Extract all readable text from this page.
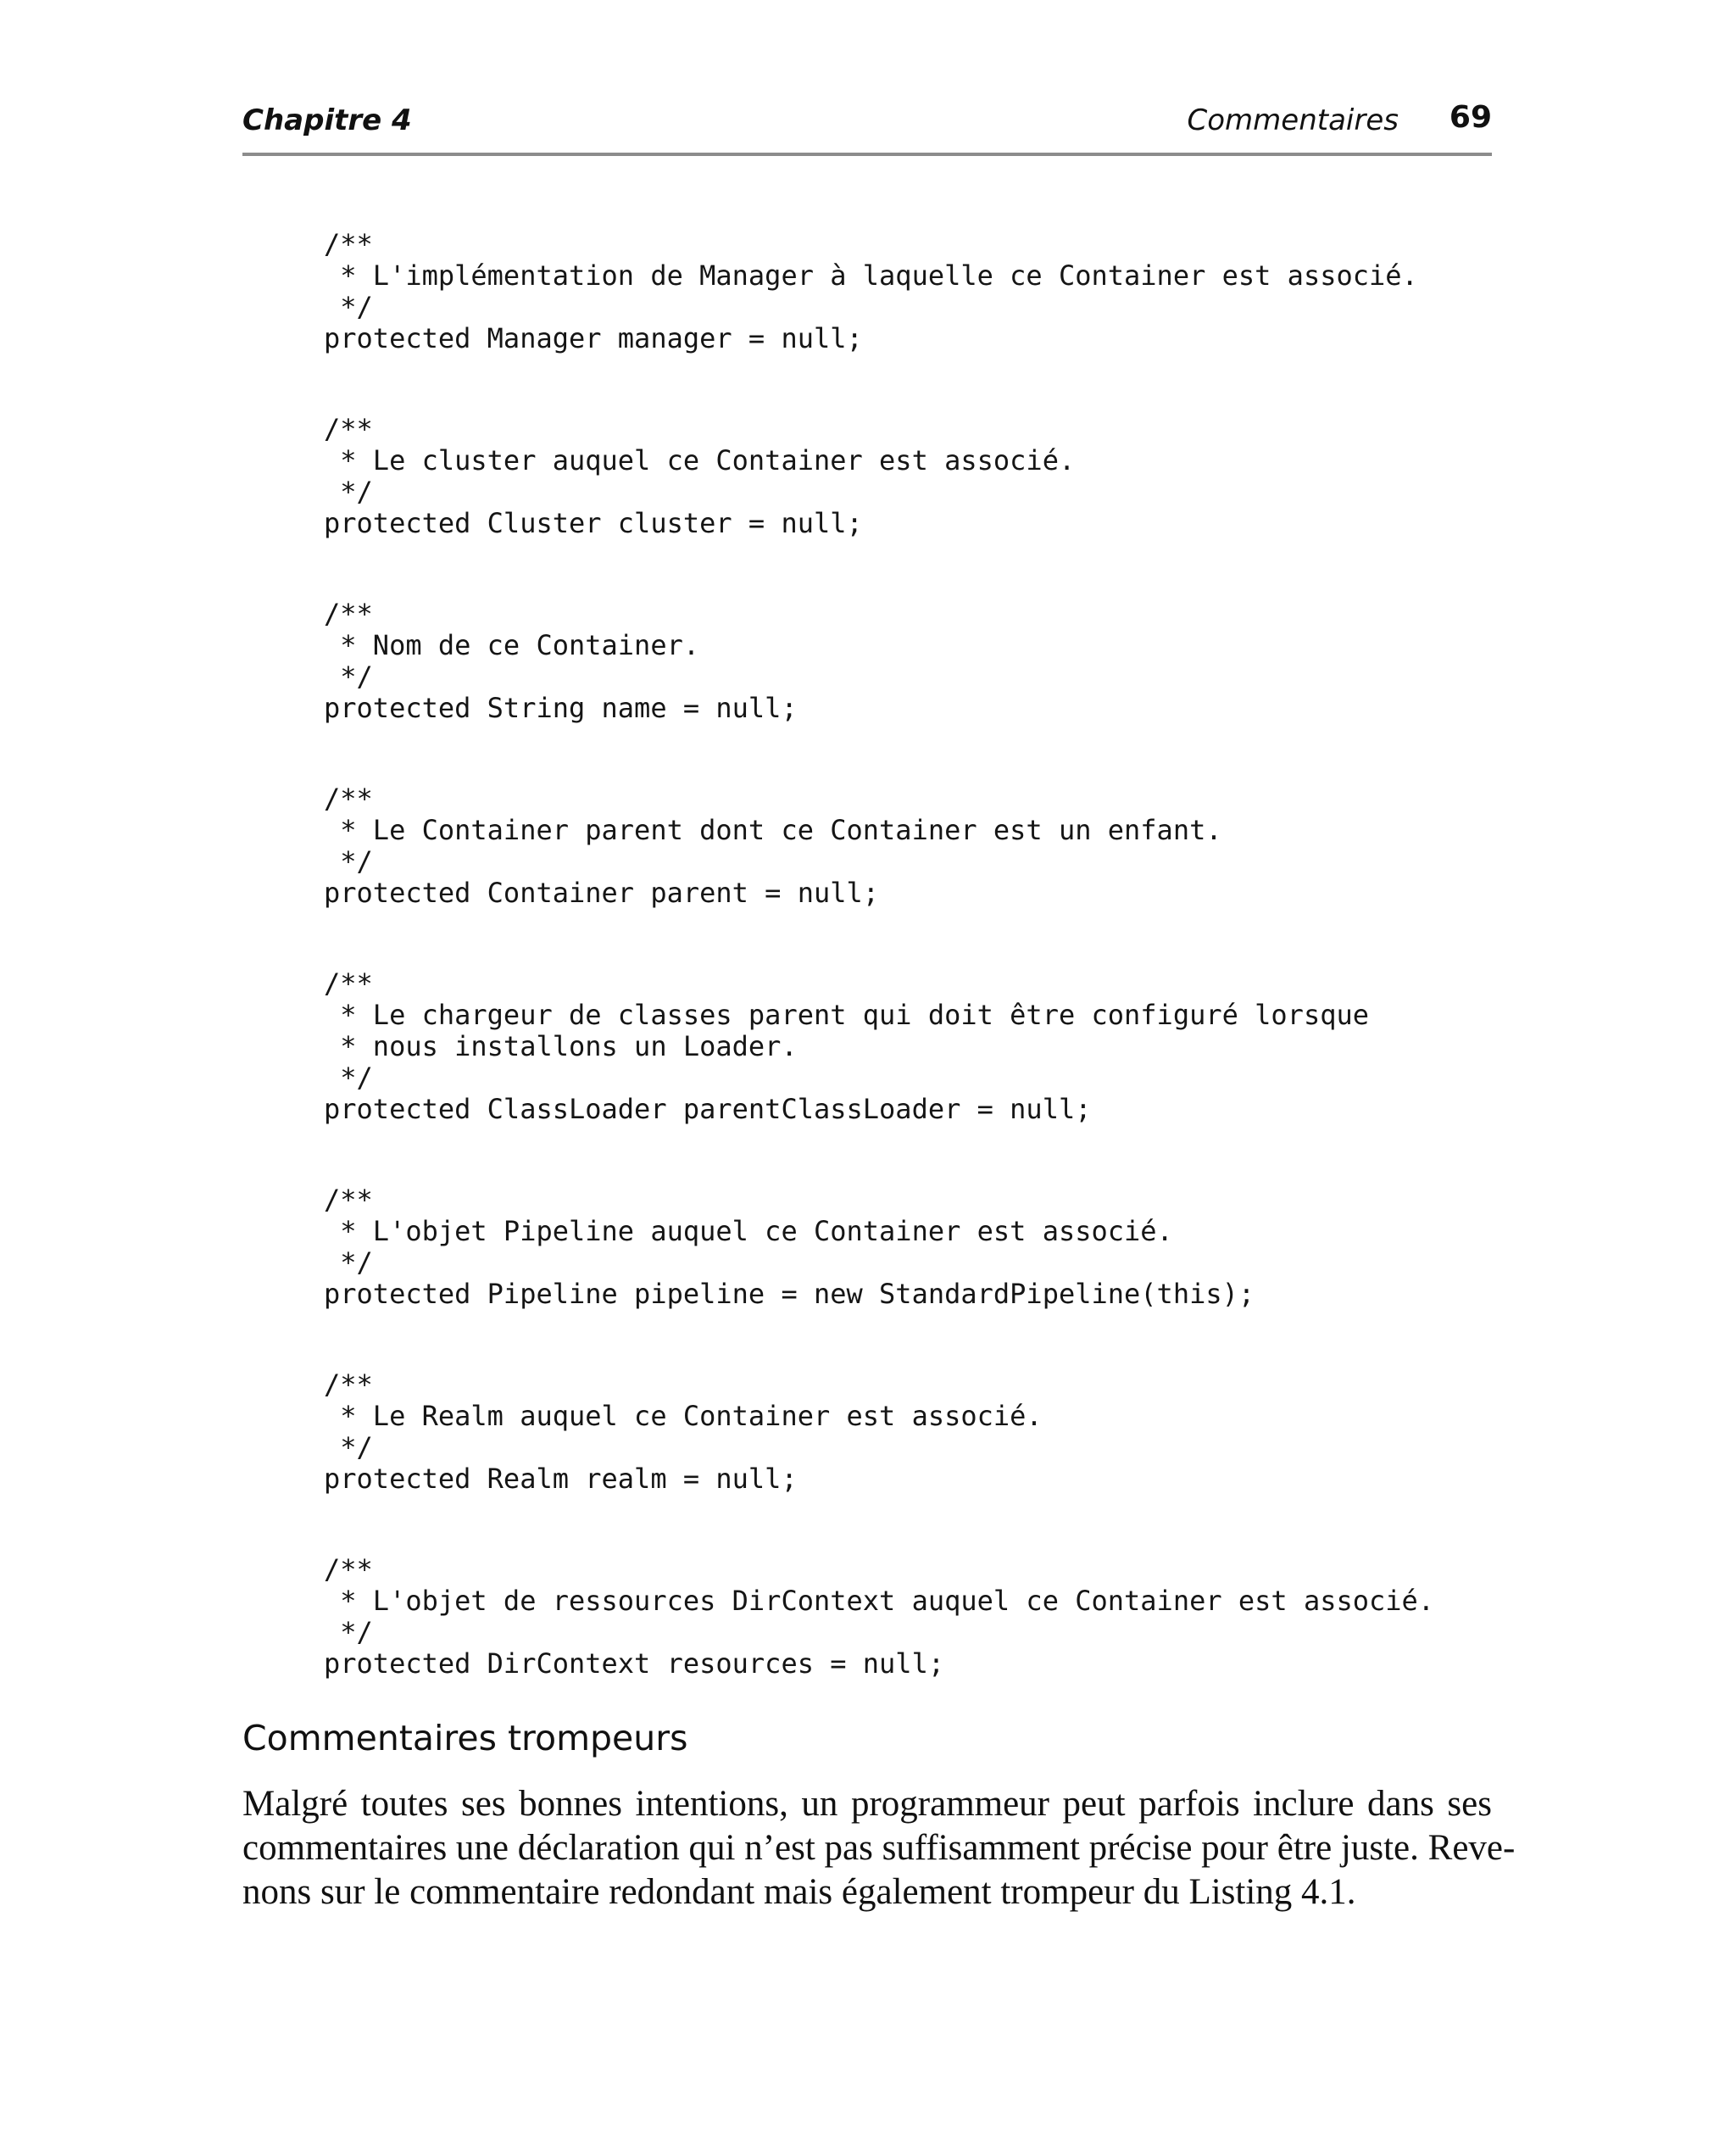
Chapitre 4	Commentaires 69
/**
* L'implémentation de Manager à laquelle ce Container est associé.
*/
protected Manager manager = null;
/**
* Le cluster auquel ce Container est associé.
*/
protected Cluster cluster = null;
/**
* Nom de ce Container.
*/
protected String name = null;
/**
* Le Container parent dont ce Container est un enfant.
*/
protected Container parent = null;
/**
* Le chargeur de classes parent qui doit être configuré lorsque
* nous installons un Loader.
*/
protected ClassLoader parentClassLoader = null;
/**
* L'objet Pipeline auquel ce Container est associé.
*/
protected Pipeline pipeline = new StandardPipeline(this);
/**
* Le Realm auquel ce Container est associé.
*/
protected Realm realm = null;
/**
* L'objet de ressources DirContext auquel ce Container est associé.
*/
protected DirContext resources = null;
Commentaires trompeurs
Malgré toutes ses bonnes intentions, un programmeur peut parfois inclure dans ses
commentaires une déclaration qui n’est pas suffisamment précise pour être juste. Reve-
nons sur le commentaire redondant mais également trompeur du Listing 4.1.
